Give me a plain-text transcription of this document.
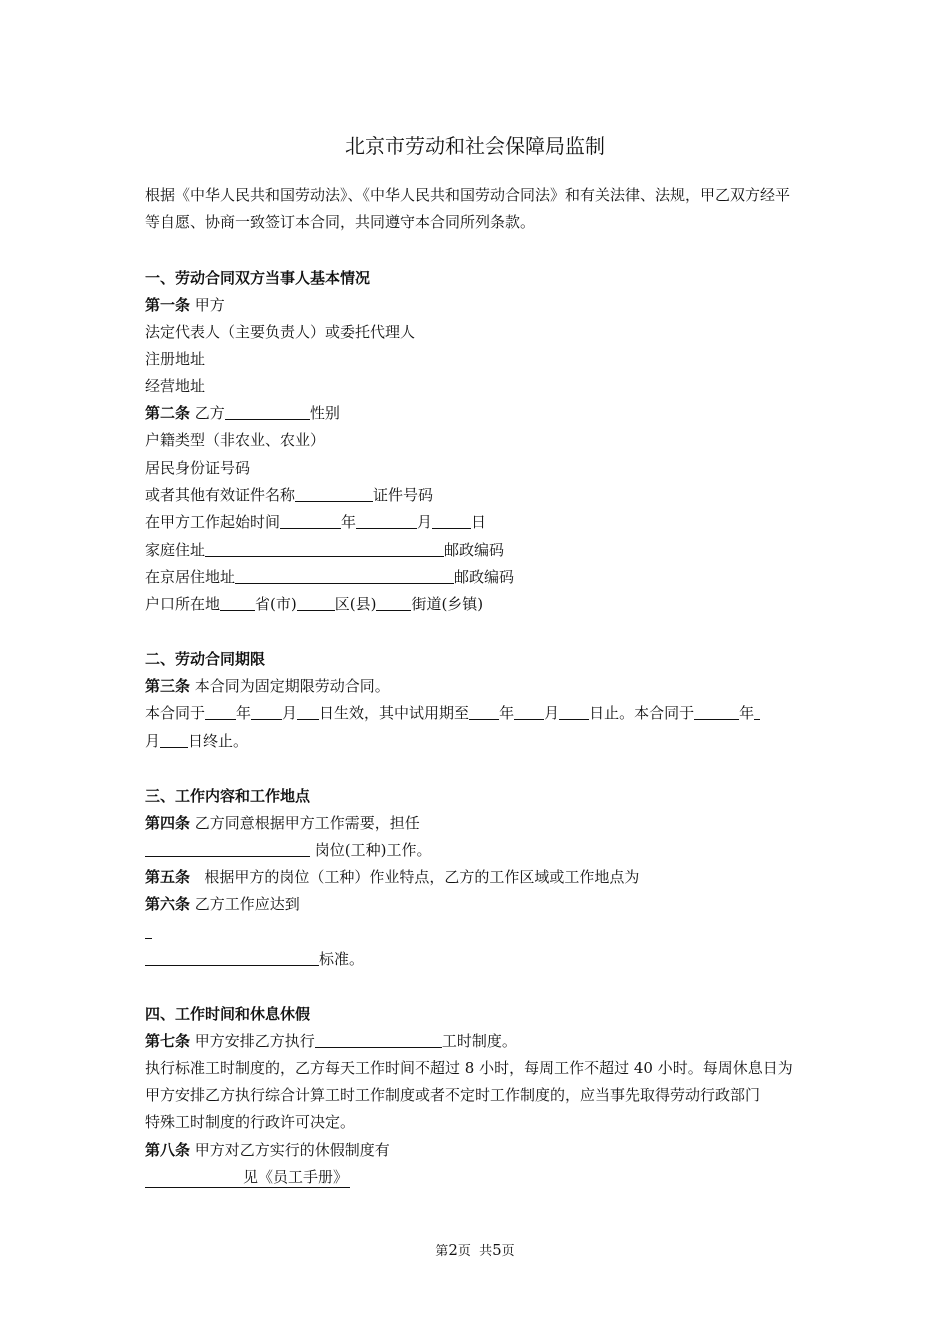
北京市劳动和社会保障局监制
根据《中华人民共和国劳动法》、《中华人民共和国劳动合同法》和有关法律、法规，甲乙双方经平
等自愿、协商一致签订本合同，共同遵守本合同所列条款。
一、劳动合同双方当事人基本情况
第一条 甲方
法定代表人（主要负责人）或委托代理人
注册地址
经营地址
第二条 乙方	性别
户籍类型（非农业、农业）
居民身份证号码
或者其他有效证件名称	证件号码
在甲方工作起始时间	年	月	日
家庭住址	邮政编码
在京居住地址	邮政编码
户口所在地 省(市)	区(县) 街道(乡镇)
二、劳动合同期限
第三条 本合同为固定期限劳动合同。
本合同于 年 月 日生效，其中试用期至 年 月 日止。本合同于	年
月 日终止。
三、工作内容和工作地点
第四条 乙方同意根据甲方工作需要，担任
岗位(工种)工作。
第五条 根据甲方的岗位（工种）作业特点，乙方的工作区域或工作地点为
第六条 乙方工作应达到
标准。
四、工作时间和休息休假
第七条 甲方安排乙方执行	工时制度。
执行标准工时制度的，乙方每天工作时间不超过 8 小时，每周工作不超过 40 小时。每周休息日为
甲方安排乙方执行综合计算工时工作制度或者不定时工作制度的，应当事先取得劳动行政部门
特殊工时制度的行政许可决定。
第八条 甲方对乙方实行的休假制度有
见《员工手册》
第2页  共5页
